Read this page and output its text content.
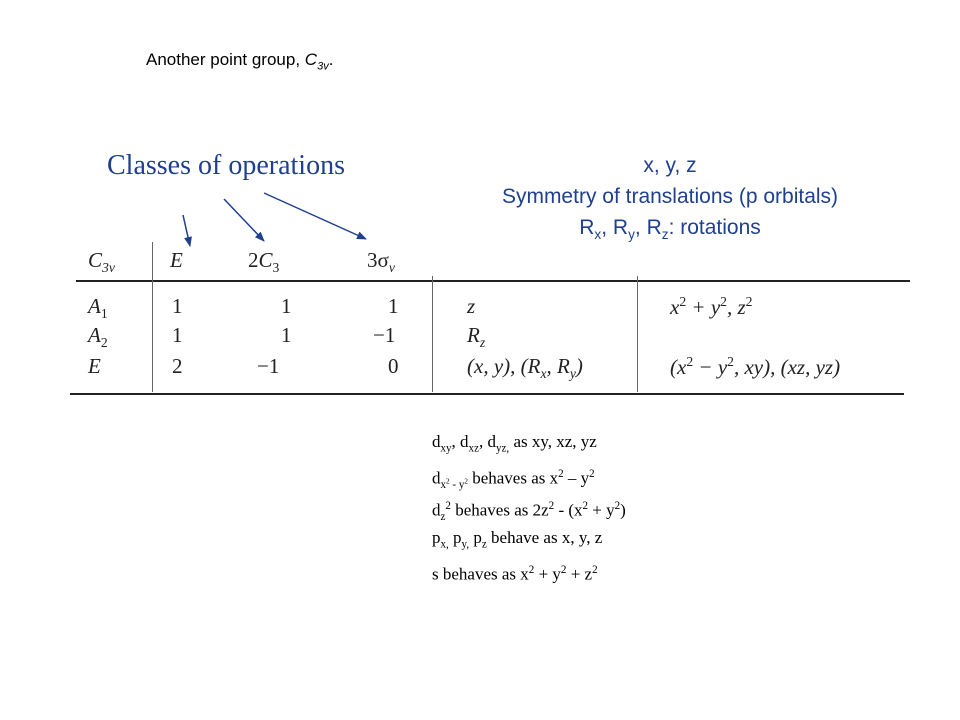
Another point group, $C_{3v}$.
Classes of operations	x, y, z
Symmetry of translations (p orbitals)
$R_x$, $R_y$, $R_z$: rotations
$C_{3v}$	E	$2C_3$	$3\sigma_v$
$A_1$	1	1	1	z	$x^2 + y^2$, $z^2$
$A_2$	1	1	−1	$R_z$
E	2	−1	0	(x, y), ($R_x$, $R_y$)	($x^2 - y^2$, xy), (xz, yz)
$d_{xy}$, $d_{xz}$, $d_{yz,}$ as xy, xz, yz
$d_{x^2 - y^2}$ behaves as $x^2 - y^2$
$d_z^2$ behaves as $2z^2 - (x^2 + y^2)$
$p_{x,}$ $p_{y,}$ $p_z$ behave as x, y, z
s behaves as $x^2 + y^2 + z^2$
